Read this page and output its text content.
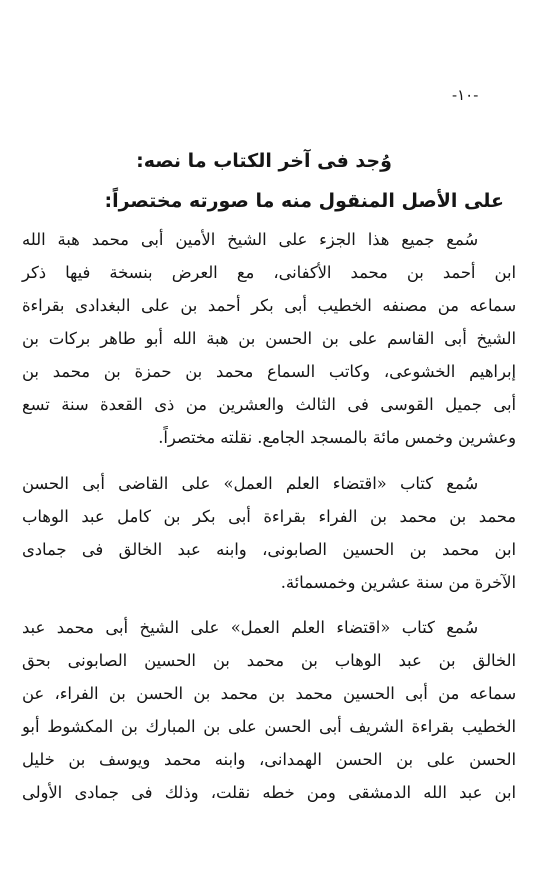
-١٠-
وُجد فى آخر الكتاب ما نصه:
على الأصل المنقول منه ما صورته مختصراً:
سُمع جميع هذا الجزء على الشيخ الأمين أبى محمد هبة الله
ابن أحمد بن محمد الأكفانى، مع العرض بنسخة فيها ذكر
سماعه من مصنفه الخطيب أبى بكر أحمد بن على البغدادى بقراءة
الشيخ أبى القاسم على بن الحسن بن هبة الله أبو طاهر بركات بن
إبراهيم الخشوعى، وكاتب السماع محمد بن حمزة بن محمد بن
أبى جميل القوسى فى الثالث والعشرين من ذى القعدة سنة تسع
وعشرين وخمس مائة بالمسجد الجامع. نقلته مختصراً.
سُمع كتاب «اقتضاء العلم العمل» على القاضى أبى الحسن
محمد بن محمد بن الفراء بقراءة أبى بكر بن كامل عبد الوهاب
ابن محمد بن الحسين الصابونى، وابنه عبد الخالق فى جمادى
الآخرة من سنة عشرين وخمسمائة.
سُمع كتاب «اقتضاء العلم العمل» على الشيخ أبى محمد عبد
الخالق بن عبد الوهاب بن محمد بن الحسين الصابونى بحق
سماعه من أبى الحسين محمد بن محمد بن الحسن بن الفراء، عن
الخطيب بقراءة الشريف أبى الحسن على بن المبارك بن المكشوط أبو
الحسن على بن الحسن الهمدانى، وابنه محمد ويوسف بن خليل
ابن عبد الله الدمشقى ومن خطه نقلت، وذلك فى جمادى الأولى
